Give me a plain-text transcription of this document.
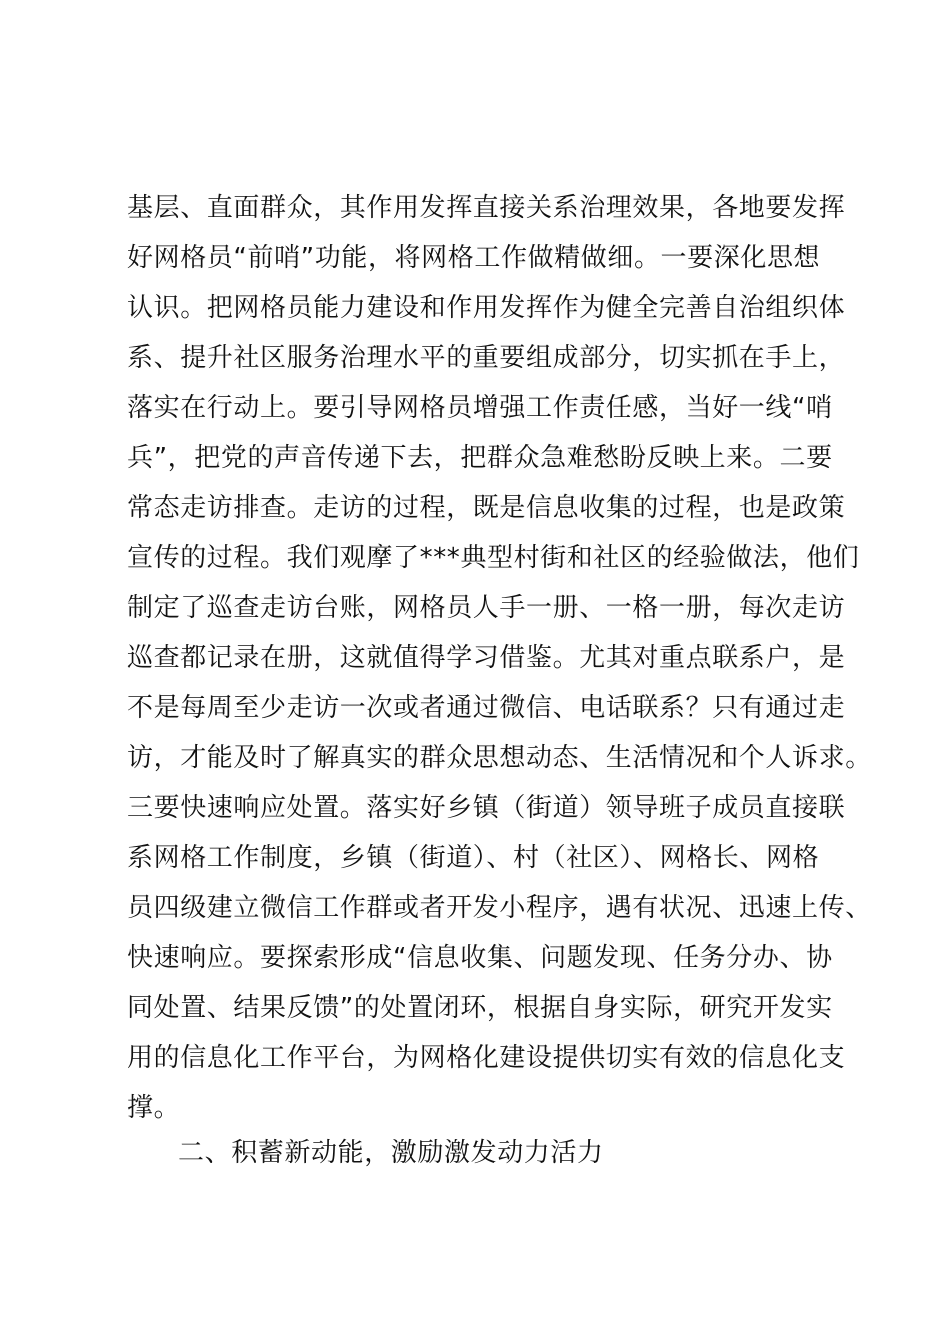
基层、直面群众，其作用发挥直接关系治理效果，各地要发挥
好网格员“前哨”功能，将网格工作做精做细。一要深化思想
认识。把网格员能力建设和作用发挥作为健全完善自治组织体
系、提升社区服务治理水平的重要组成部分，切实抓在手上，
落实在行动上。要引导网格员增强工作责任感，当好一线“哨
兵”，把党的声音传递下去，把群众急难愁盼反映上来。二要
常态走访排查。走访的过程，既是信息收集的过程，也是政策
宣传的过程。我们观摩了***典型村街和社区的经验做法，他们
制定了巡查走访台账，网格员人手一册、一格一册，每次走访
巡查都记录在册，这就值得学习借鉴。尤其对重点联系户，是
不是每周至少走访一次或者通过微信、电话联系？只有通过走
访，才能及时了解真实的群众思想动态、生活情况和个人诉求。
三要快速响应处置。落实好乡镇（街道）领导班子成员直接联
系网格工作制度，乡镇（街道）、村（社区）、网格长、网格
员四级建立微信工作群或者开发小程序，遇有状况、迅速上传、
快速响应。要探索形成“信息收集、问题发现、任务分办、协
同处置、结果反馈”的处置闭环，根据自身实际，研究开发实
用的信息化工作平台，为网格化建设提供切实有效的信息化支
撑。
二、积蓄新动能，激励激发动力活力
